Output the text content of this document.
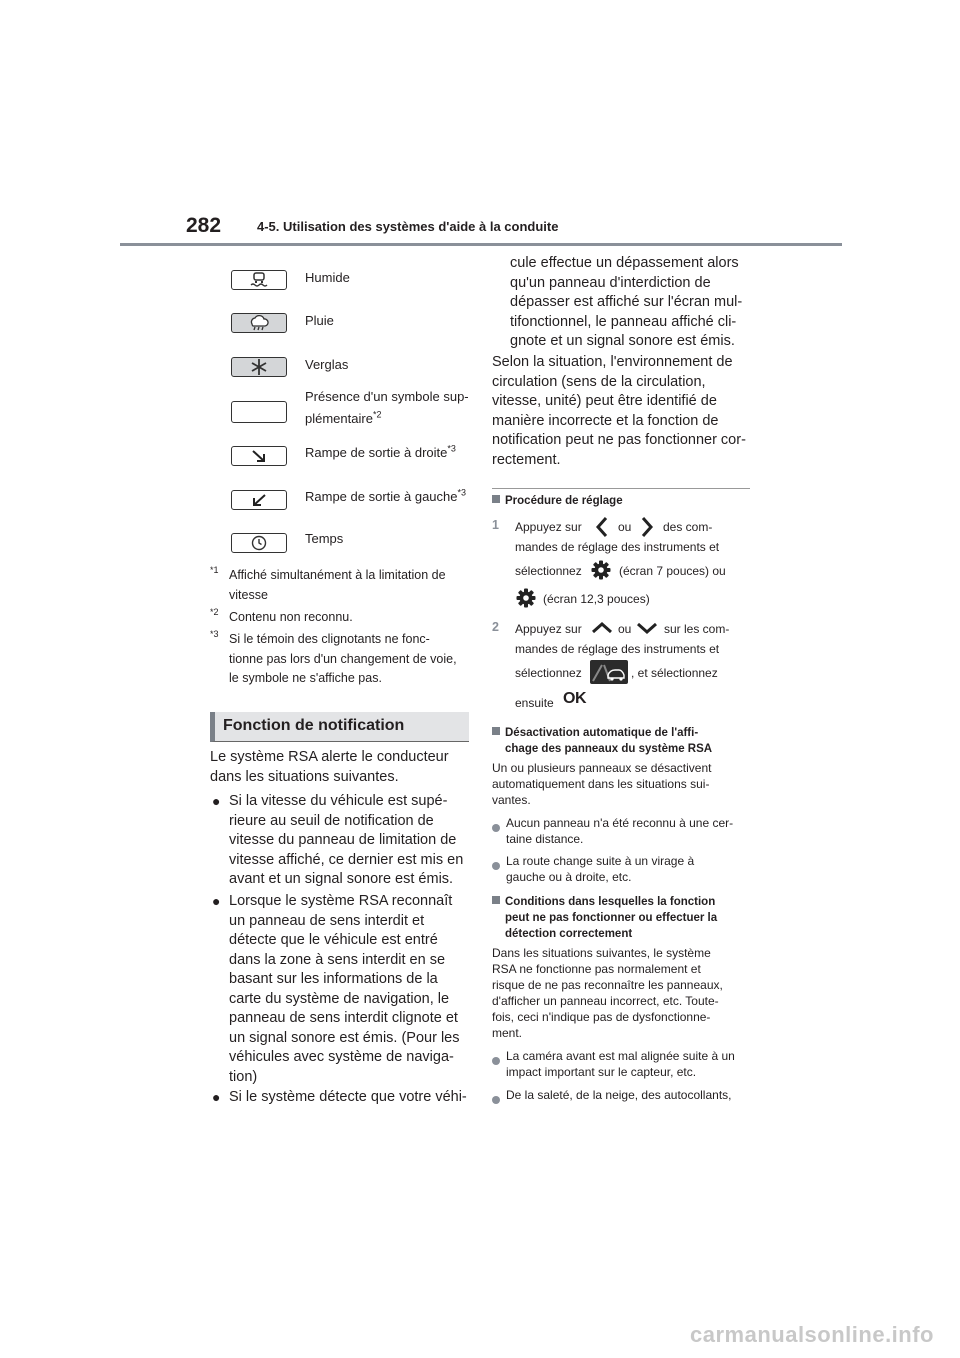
282	4-5. Utilisation des systèmes d'aide à la conduite
Humide
Pluie
Verglas
Présence d'un symbole sup-
plémentaire$^{*2}$
Rampe de sortie à droite$^{*3}$
Rampe de sortie à gauche$^{*3}$
Temps
*1 Affiché simultanément à la limitation de
vitesse
*2 Contenu non reconnu.
*3 Si le témoin des clignotants ne fonc-
tionne pas lors d'un changement de voie,
le symbole ne s'affiche pas.
Fonction de notification
Le système RSA alerte le conducteur
dans les situations suivantes.
● Si la vitesse du véhicule est supé-
rieure au seuil de notification de
vitesse du panneau de limitation de
vitesse affiché, ce dernier est mis en
avant et un signal sonore est émis.
● Lorsque le système RSA reconnaît
un panneau de sens interdit et
détecte que le véhicule est entré
dans la zone à sens interdit en se
basant sur les informations de la
carte du système de navigation, le
panneau de sens interdit clignote et
un signal sonore est émis. (Pour les
véhicules avec système de naviga-
tion)
● Si le système détecte que votre véhi-
cule effectue un dépassement alors
qu'un panneau d'interdiction de
dépasser est affiché sur l'écran mul-
tifonctionnel, le panneau affiché cli-
gnote et un signal sonore est émis.
Selon la situation, l'environnement de
circulation (sens de la circulation,
vitesse, unité) peut être identifié de
manière incorrecte et la fonction de
notification peut ne pas fonctionner cor-
rectement.
Procédure de réglage
1 Appuyez sur	ou	des com-
mandes de réglage des instruments et
sélectionnez	(écran 7 pouces) ou
(écran 12,3 pouces)
2 Appuyez sur	ou	sur les com-
mandes de réglage des instruments et
sélectionnez	, et sélectionnez
ensuite OK
Désactivation automatique de l'affi-
chage des panneaux du système RSA
Un ou plusieurs panneaux se désactivent
automatiquement dans les situations sui-
vantes.
Aucun panneau n'a été reconnu à une cer-
taine distance.
La route change suite à un virage à
gauche ou à droite, etc.
Conditions dans lesquelles la fonction
peut ne pas fonctionner ou effectuer la
détection correctement
Dans les situations suivantes, le système
RSA ne fonctionne pas normalement et
risque de ne pas reconnaître les panneaux,
d'afficher un panneau incorrect, etc. Toute-
fois, ceci n'indique pas de dysfonctionne-
ment.
La caméra avant est mal alignée suite à un
impact important sur le capteur, etc.
De la saleté, de la neige, des autocollants,
carmanualsonline.info
